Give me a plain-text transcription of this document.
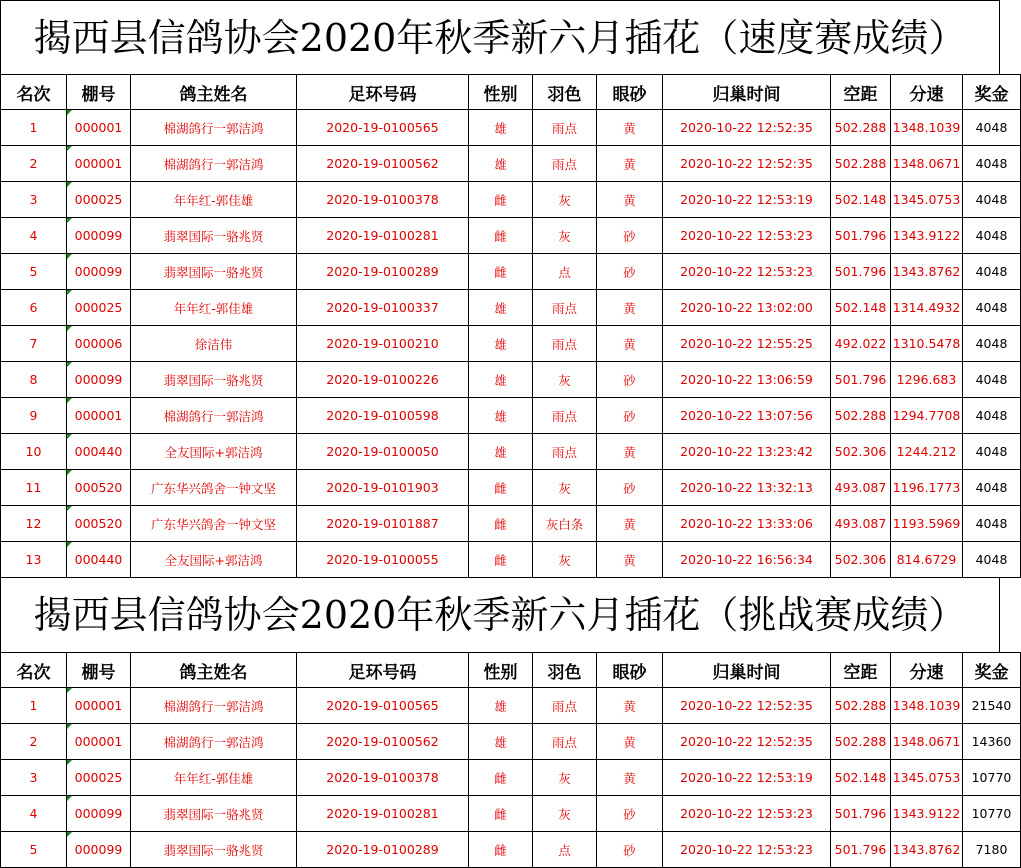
揭西县信鸽协会2020年秋季新六月插花（速度赛成绩）
名次	棚号	鸽主姓名	足环号码	性别	羽色	眼砂	归巢时间	空距	分速	奖金
1	000001	棉湖鸽行一郭洁鸿	2020-19-0100565	雄	雨点	黄	2020-10-22 12:52:35	502.288	1348.1039	4048
2	000001	棉湖鸽行一郭洁鸿	2020-19-0100562	雄	雨点	黄	2020-10-22 12:52:35	502.288	1348.0671	4048
3	000025	年年红-郭佳雄	2020-19-0100378	雌	灰	黄	2020-10-22 12:53:19	502.148	1345.0753	4048
4	000099	翡翠国际一骆兆贤	2020-19-0100281	雌	灰	砂	2020-10-22 12:53:23	501.796	1343.9122	4048
5	000099	翡翠国际一骆兆贤	2020-19-0100289	雌	点	砂	2020-10-22 12:53:23	501.796	1343.8762	4048
6	000025	年年红-郭佳雄	2020-19-0100337	雄	雨点	黄	2020-10-22 13:02:00	502.148	1314.4932	4048
7	000006	徐洁伟	2020-19-0100210	雄	雨点	黄	2020-10-22 12:55:25	492.022	1310.5478	4048
8	000099	翡翠国际一骆兆贤	2020-19-0100226	雄	灰	砂	2020-10-22 13:06:59	501.796	1296.683	4048
9	000001	棉湖鸽行一郭洁鸿	2020-19-0100598	雄	雨点	砂	2020-10-22 13:07:56	502.288	1294.7708	4048
10	000440	全友国际+郭洁鸿	2020-19-0100050	雄	雨点	黄	2020-10-22 13:23:42	502.306	1244.212	4048
11	000520	广东华兴鸽舍一钟文坚	2020-19-0101903	雌	灰	砂	2020-10-22 13:32:13	493.087	1196.1773	4048
12	000520	广东华兴鸽舍一钟文坚	2020-19-0101887	雌	灰白条	黄	2020-10-22 13:33:06	493.087	1193.5969	4048
13	000440	全友国际+郭洁鸿	2020-19-0100055	雌	灰	黄	2020-10-22 16:56:34	502.306	814.6729	4048
揭西县信鸽协会2020年秋季新六月插花（挑战赛成绩）
名次	棚号	鸽主姓名	足环号码	性别	羽色	眼砂	归巢时间	空距	分速	奖金
1	000001	棉湖鸽行一郭洁鸿	2020-19-0100565	雄	雨点	黄	2020-10-22 12:52:35	502.288	1348.1039	21540
2	000001	棉湖鸽行一郭洁鸿	2020-19-0100562	雄	雨点	黄	2020-10-22 12:52:35	502.288	1348.0671	14360
3	000025	年年红-郭佳雄	2020-19-0100378	雌	灰	黄	2020-10-22 12:53:19	502.148	1345.0753	10770
4	000099	翡翠国际一骆兆贤	2020-19-0100281	雌	灰	砂	2020-10-22 12:53:23	501.796	1343.9122	10770
5	000099	翡翠国际一骆兆贤	2020-19-0100289	雌	点	砂	2020-10-22 12:53:23	501.796	1343.8762	7180
